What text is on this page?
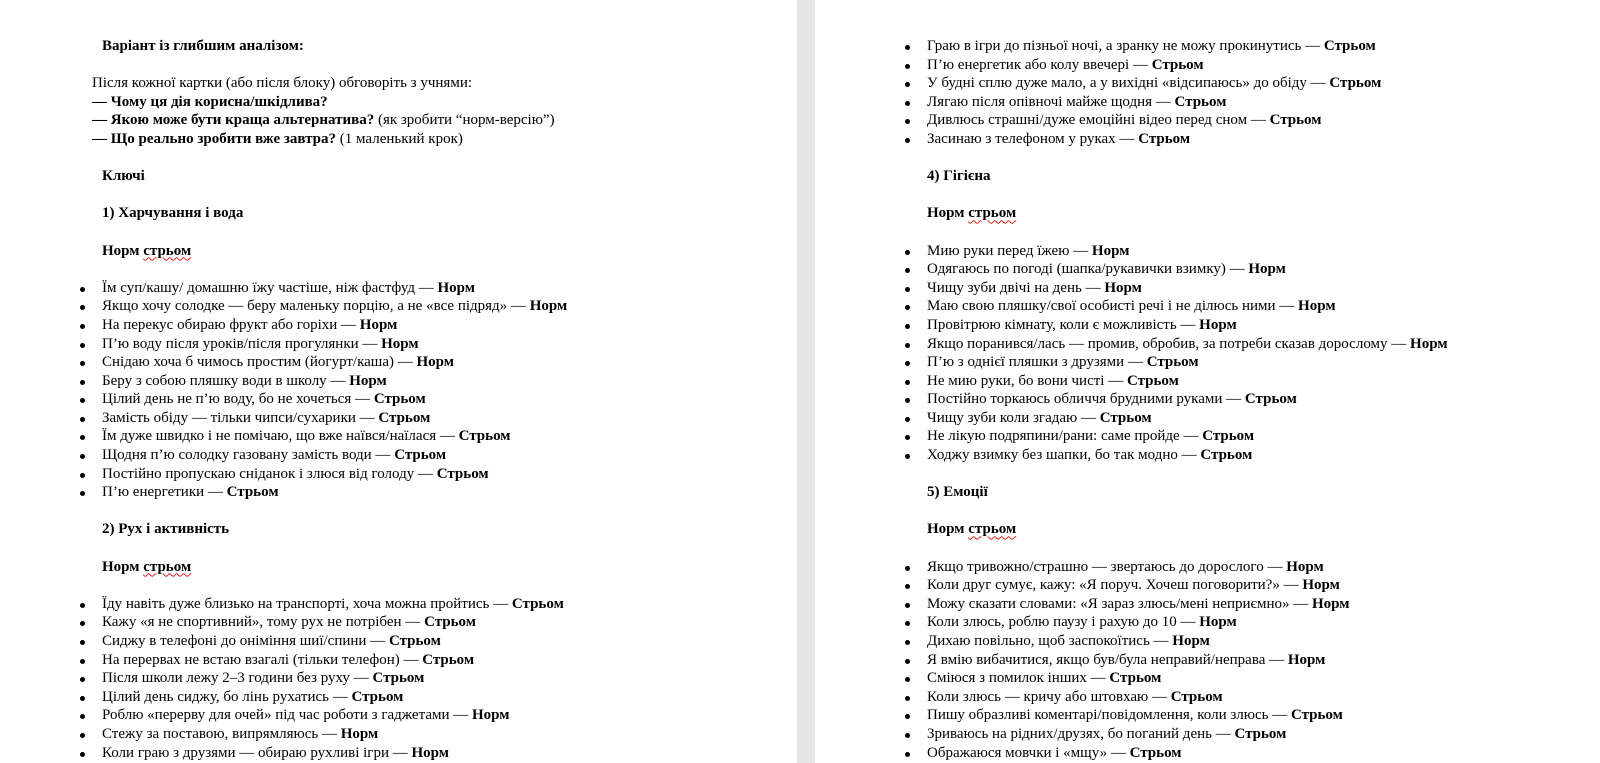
Варіант із глибшим аналізом:

Після кожної картки (або після блоку) обговоріть з учнями:

— Чому ця дія корисна/шкідлива?

— Якою може бути краща альтернатива? (як зробити “норм-версію”)

— Що реально зробити вже завтра? (1 маленький крок)

Ключі

1) Харчування і вода

Норм стрьом

Їм суп/кашу/ домашню їжу частіше, ніж фастфуд — Норм
Якщо хочу солодке — беру маленьку порцію, а не «все підряд» — Норм
На перекус обираю фрукт або горіхи — Норм
П’ю воду після уроків/після прогулянки — Норм
Снідаю хоча б чимось простим (йогурт/каша) — Норм
Беру з собою пляшку води в школу — Норм
Цілий день не п’ю воду, бо не хочеться — Стрьом
Замість обіду — тільки чипси/сухарики — Стрьом
Їм дуже швидко і не помічаю, що вже наївся/наїлася — Стрьом
Щодня п’ю солодку газовану замість води — Стрьом
Постійно пропускаю сніданок і злюся від голоду — Стрьом
П’ю енергетики — Стрьом

2) Рух і активність

Норм стрьом

Їду навіть дуже близько на транспорті, хоча можна пройтись — Стрьом
Кажу «я не спортивний», тому рух не потрібен — Стрьом
Сиджу в телефоні до оніміння шиї/спини — Стрьом
На перервах не встаю взагалі (тільки телефон) — Стрьом
Після школи лежу 2–3 години без руху — Стрьом
Цілий день сиджу, бо лінь рухатись — Стрьом
Роблю «перерву для очей» під час роботи з гаджетами — Норм
Стежу за поставою, випрямляюсь — Норм
Коли граю з друзями — обираю рухливі ігри — Норм
Граю в ігри до пізньої ночі, а зранку не можу прокинутись — Стрьом
П’ю енергетик або колу ввечері — Стрьом
У будні сплю дуже мало, а у вихідні «відсипаюсь» до обіду — Стрьом
Лягаю після опівночі майже щодня — Стрьом
Дивлюсь страшні/дуже емоційні відео перед сном — Стрьом
Засинаю з телефоном у руках — Стрьом

4) Гігієна

Норм стрьом

Мию руки перед їжею — Норм
Одягаюсь по погоді (шапка/рукавички взимку) — Норм
Чищу зуби двічі на день — Норм
Маю свою пляшку/свої особисті речі і не ділюсь ними — Норм
Провітрюю кімнату, коли є можливість — Норм
Якщо поранився/лась — промив, обробив, за потреби сказав дорослому — Норм
П’ю з однієї пляшки з друзями — Стрьом
Не мию руки, бо вони чисті — Стрьом
Постійно торкаюсь обличчя брудними руками — Стрьом
Чищу зуби коли згадаю — Стрьом
Не лікую подряпини/рани: саме пройде — Стрьом
Ходжу взимку без шапки, бо так модно — Стрьом

5) Емоції

Норм стрьом

Якщо тривожно/страшно — звертаюсь до дорослого — Норм
Коли друг сумує, кажу: «Я поруч. Хочеш поговорити?» — Норм
Можу сказати словами: «Я зараз злюсь/мені неприємно» — Норм
Коли злюсь, роблю паузу і рахую до 10 — Норм
Дихаю повільно, щоб заспокоїтись — Норм
Я вмію вибачитися, якщо був/була неправий/неправа — Норм
Сміюся з помилок інших — Стрьом
Коли злюсь — кричу або штовхаю — Стрьом
Пишу образливі коментарі/повідомлення, коли злюсь — Стрьом
Зриваюсь на рідних/друзях, бо поганий день — Стрьом
Ображаюся мовчки і «мщу» — Стрьом
